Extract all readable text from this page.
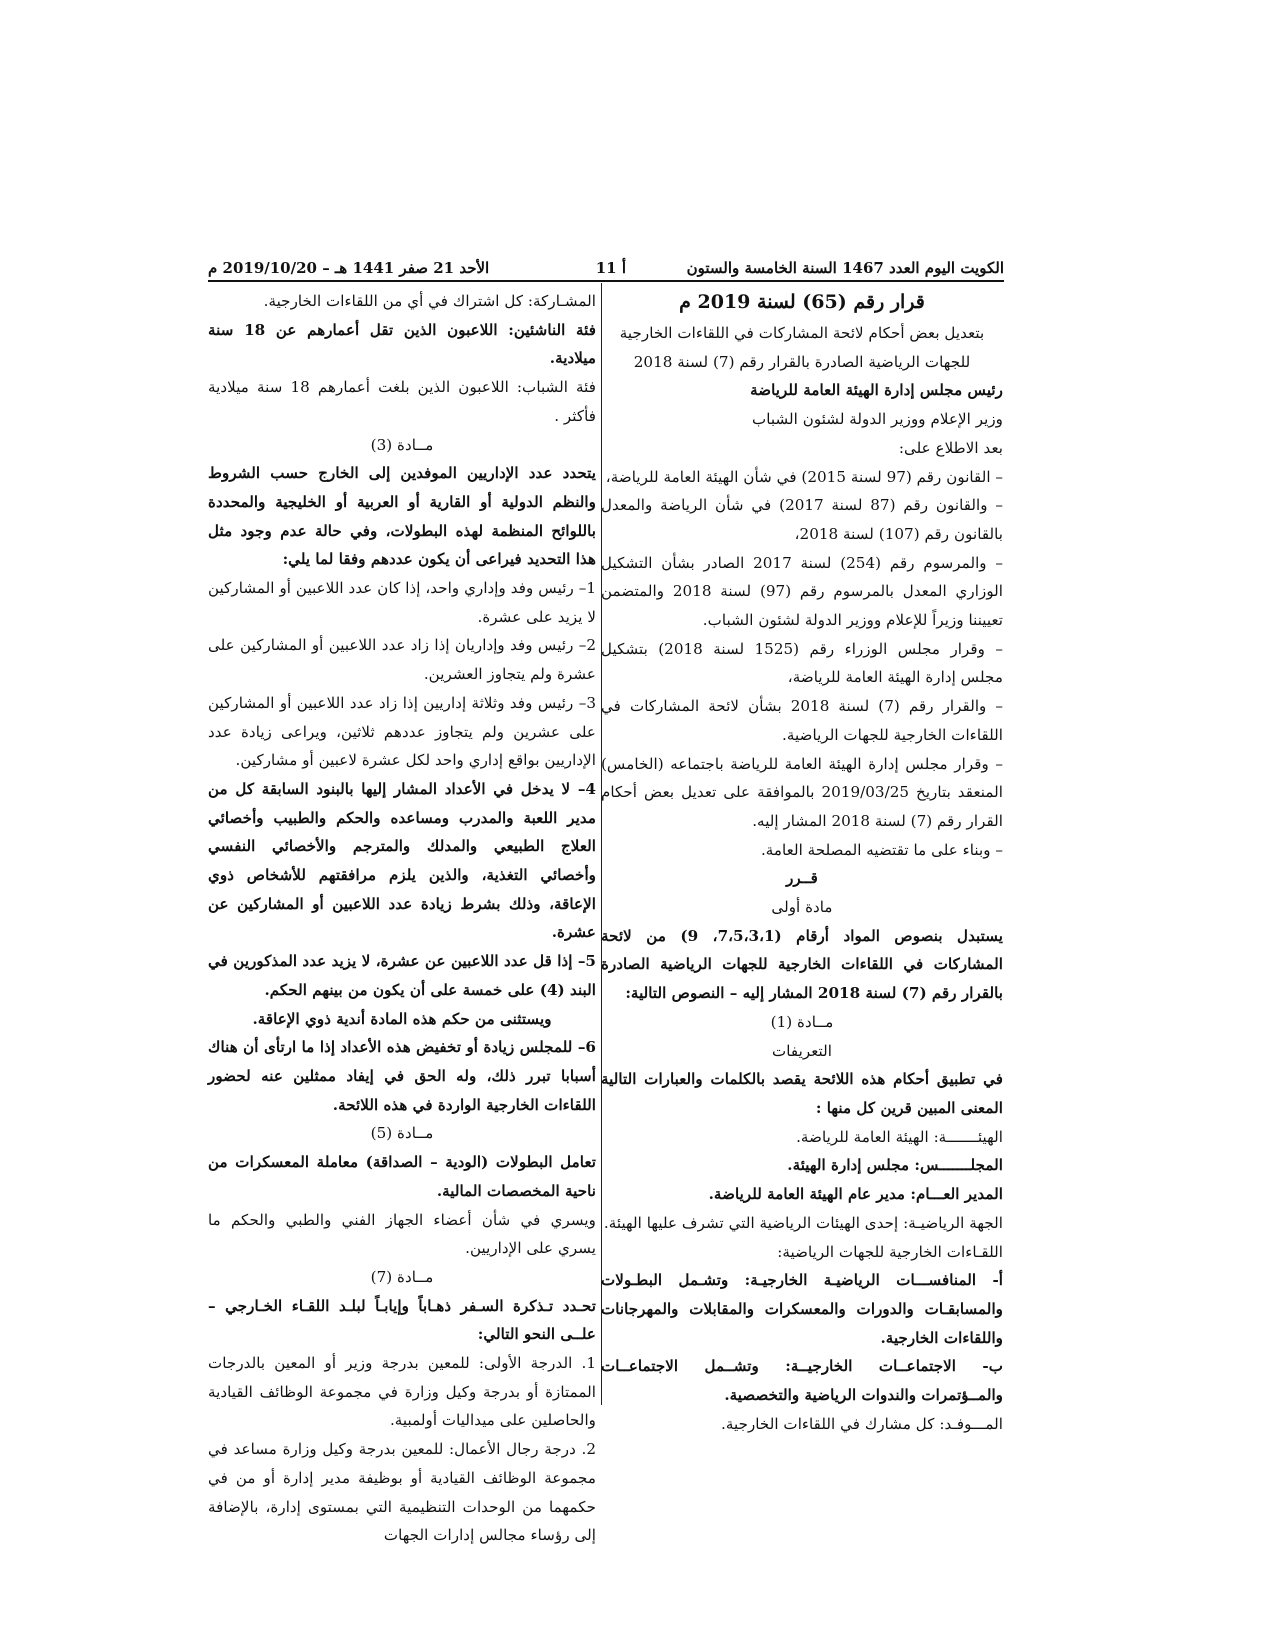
الكويت اليوم العدد 1467 السنة الخامسة والستون
أ 11
الأحد 21 صفر 1441 هـ – 2019/10/20 م
قرار رقم (65) لسنة 2019 م
بتعديل بعض أحكام لائحة المشاركات في اللقاءات الخارجية
للجهات الرياضية الصادرة بالقرار رقم (7) لسنة 2018
رئيس مجلس إدارة الهيئة العامة للرياضة
وزير الإعلام ووزير الدولة لشئون الشباب
بعد الاطلاع على:

– القانون رقم (97 لسنة 2015) في شأن الهيئة العامة للرياضة،

– والقانون رقم (87 لسنة 2017) في شأن الرياضة والمعدل بالقانون رقم (107) لسنة 2018،

– والمرسوم رقم (254) لسنة 2017 الصادر بشأن التشكيل الوزاري المعدل بالمرسوم رقم (97) لسنة 2018 والمتضمن تعييننا وزيراً للإعلام ووزير الدولة لشئون الشباب.

– وقرار مجلس الوزراء رقم (1525 لسنة 2018) بتشكيل مجلس إدارة الهيئة العامة للرياضة،

– والقرار رقم (7) لسنة 2018 بشأن لائحة المشاركات في اللقاءات الخارجية للجهات الرياضية.

– وقرار مجلس إدارة الهيئة العامة للرياضة باجتماعه (الخامس) المنعقد بتاريخ 2019/03/25 بالموافقة على تعديل بعض أحكام القرار رقم (7) لسنة 2018 المشار إليه.

– وبناء على ما تقتضيه المصلحة العامة.

قــرر
مادة أولى

يستبدل بنصوص المواد أرقام (7،5،3،1، 9) من لائحة المشاركات في اللقاءات الخارجية للجهات الرياضية الصادرة بالقرار رقم (7) لسنة 2018 المشار إليه – النصوص التالية:

مــادة (1)
التعريفات

في تطبيق أحكام هذه اللائحة يقصد بالكلمات والعبارات التالية المعنى المبين قرين كل منها :

الهيئـــــــة: الهيئة العامة للرياضة.
المجلـــــــس: مجلس إدارة الهيئة.
المدير العـــام: مدير عام الهيئة العامة للرياضة.
الجهة الرياضيـة: إحدى الهيئات الرياضية التي تشرف عليها الهيئة.
اللقـاءات الخارجية للجهات الرياضية:

أ- المنافســـات الرياضيـة الخارجيـة: وتشـمل البطـولات والمسابقـات والدورات والمعسكرات والمقابلات والمهرجانات واللقاءات الخارجية.

ب- الاجتماعــات الخارجيــة: وتشــمل الاجتماعــات والمــؤتمرات والندوات الرياضية والتخصصية.

المـــوفـد: كل مشارك في اللقاءات الخارجية.
المشـاركة: كل اشتراك في أي من اللقاءات الخارجية.
فئة الناشئين: اللاعبون الذين تقل أعمارهم عن 18 سنة ميلادية.
فئة الشباب: اللاعبون الذين بلغت أعمارهم 18 سنة ميلادية فأكثر .
مــادة (3)

يتحدد عدد الإداريين الموفدين إلى الخارج حسب الشروط والنظم الدولية أو القارية أو العربية أو الخليجية والمحددة باللوائح المنظمة لهذه البطولات، وفي حالة عدم وجود مثل هذا التحديد فيراعى أن يكون عددهم وفقا لما يلي:

1– رئيس وفد وإداري واحد، إذا كان عدد اللاعبين أو المشاركين لا يزيد على عشرة.

2– رئيس وفد وإداريان إذا زاد عدد اللاعبين أو المشاركين على عشرة ولم يتجاوز العشرين.

3– رئيس وفد وثلاثة إداريين إذا زاد عدد اللاعبين أو المشاركين على عشرين ولم يتجاوز عددهم ثلاثين، ويراعى زيادة عدد الإداريين بواقع إداري واحد لكل عشرة لاعبين أو مشاركين.

4– لا يدخل في الأعداد المشار إليها بالبنود السابقة كل من مدير اللعبة والمدرب ومساعده والحكم والطبيب وأخصائي العلاج الطبيعي والمدلك والمترجم والأخصائي النفسي وأخصائي التغذية، والذين يلزم مرافقتهم للأشخاص ذوي الإعاقة، وذلك بشرط زيادة عدد اللاعبين أو المشاركين عن عشرة.

5– إذا قل عدد اللاعبين عن عشرة، لا يزيد عدد المذكورين في البند (4) على خمسة على أن يكون من بينهم الحكم.

ويستثنى من حكم هذه المادة أندية ذوي الإعاقة.

6– للمجلس زيادة أو تخفيض هذه الأعداد إذا ما ارتأى أن هناك أسبابا تبرر ذلك، وله الحق في إيفاد ممثلين عنه لحضور اللقاءات الخارجية الواردة في هذه اللائحة.

مــادة (5)

تعامل البطولات (الودية – الصداقة) معاملة المعسكرات من ناحية المخصصات المالية.

ويسري في شأن أعضاء الجهاز الفني والطبي والحكم ما يسري على الإداريين.

مــادة (7)

تحـدد تـذكرة السـفر ذهـاباً وإيابـاً لبلـد اللقـاء الخـارجي – علــى النحو التالي:

1. الدرجة الأولى: للمعين بدرجة وزير أو المعين بالدرجات الممتازة أو بدرجة وكيل وزارة في مجموعة الوظائف القيادية والحاصلين على ميداليات أولمبية.

2. درجة رجال الأعمال: للمعين بدرجة وكيل وزارة مساعد في مجموعة الوظائف القيادية أو بوظيفة مدير إدارة أو من في حكمهما من الوحدات التنظيمية التي بمستوى إدارة، بالإضافة إلى رؤساء مجالس إدارات الجهات
